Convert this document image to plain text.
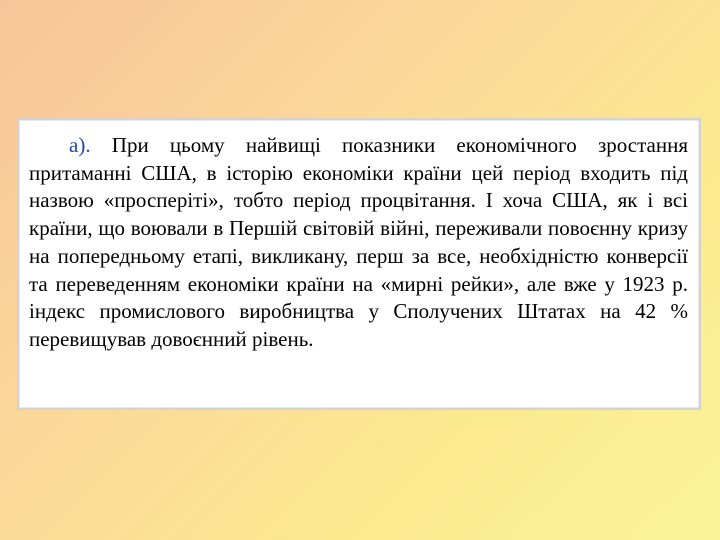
а). При цьому найвищі показники економічного зростання притаманні США, в історію економіки країни цей період входить під назвою «просперіті», тобто період процвітання. І хоча США, як і всі країни, що воювали в Першій світовій війні, переживали повоєнну кризу на попередньому етапі, викликану, перш за все, необхідністю конверсії та переведенням економіки країни на «мирні рейки», але вже у 1923 р. індекс промислового виробництва у Сполучених Штатах на 42 % перевищував довоєнний рівень.
